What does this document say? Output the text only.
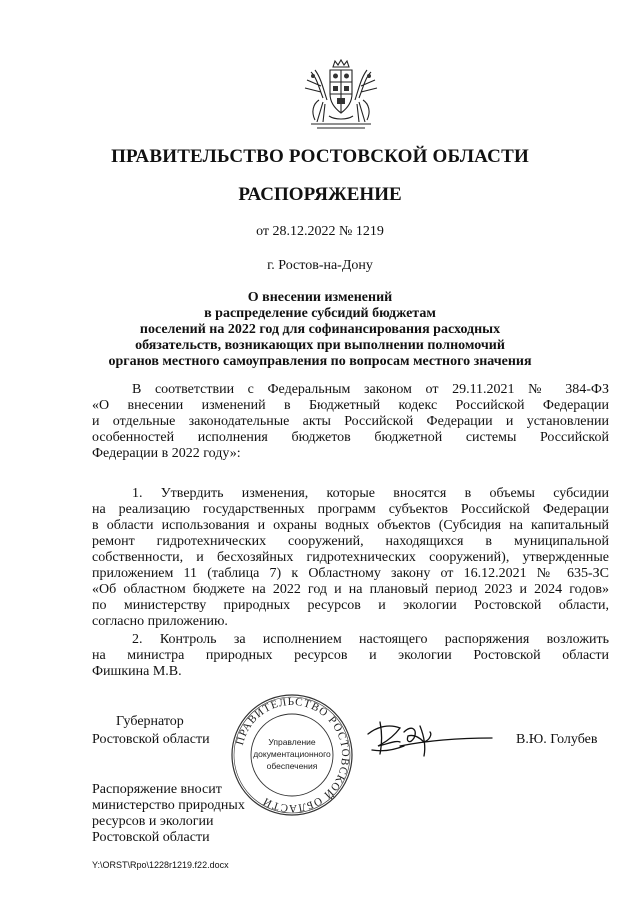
ПРАВИТЕЛЬСТВО РОСТОВСКОЙ ОБЛАСТИ
РАСПОРЯЖЕНИЕ
от 28.12.2022 № 1219
г. Ростов-на-Дону
О внесении изменений
в распределение субсидий бюджетам
поселений на 2022 год для софинансирования расходных
обязательств, возникающих при выполнении полномочий
органов местного самоуправления по вопросам местного значения
В соответствии с Федеральным законом от 29.11.2021 № 384-ФЗ
«О внесении изменений в Бюджетный кодекс Российской Федерации
и отдельные законодательные акты Российской Федерации и установлении
особенностей исполнения бюджетов бюджетной системы Российской
Федерации в 2022 году»:
1. Утвердить изменения, которые вносятся в объемы субсидии
на реализацию государственных программ субъектов Российской Федерации
в области использования и охраны водных объектов (Субсидия на капитальный
ремонт гидротехнических сооружений, находящихся в муниципальной
собственности, и бесхозяйных гидротехнических сооружений), утвержденные
приложением 11 (таблица 7) к Областному закону от 16.12.2021 № 635-ЗС
«Об областном бюджете на 2022 год и на плановый период 2023 и 2024 годов»
по министерству природных ресурсов и экологии Ростовской области,
согласно приложению.
2. Контроль за исполнением настоящего распоряжения возложить
на министра природных ресурсов и экологии Ростовской области
Фишкина М.В.
Губернатор
Ростовской области	В.Ю. Голубев
ПРАВИТЕЛЬСТВО РОСТОВСКОЙ ОБЛАСТИ
Управление
документационного
обеспечения
Распоряжение вносит
министерство природных
ресурсов и экологии
Ростовской области
Y:\ORST\Rpo\1228r1219.f22.docx
